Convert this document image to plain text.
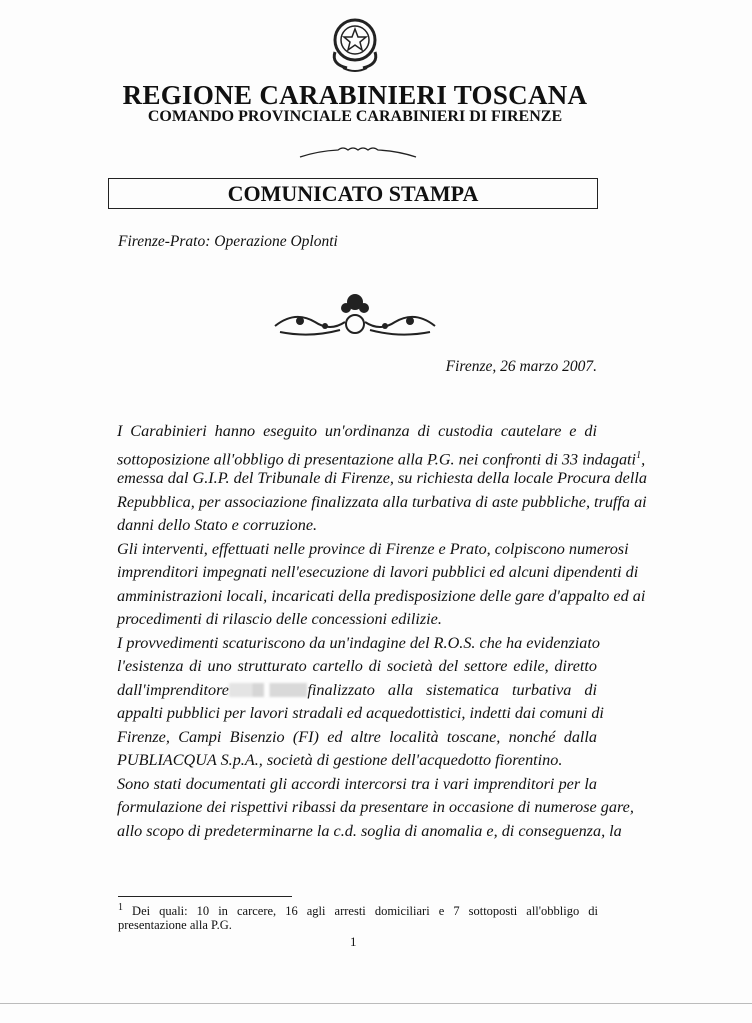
REGIONE CARABINIERI TOSCANA
COMANDO PROVINCIALE CARABINIERI DI FIRENZE
COMUNICATO STAMPA
Firenze-Prato: Operazione Oplonti
Firenze, 26 marzo 2007.
I Carabinieri hanno eseguito un'ordinanza di custodia cautelare e di
sottoposizione all'obbligo di presentazione alla P.G. nei confronti di 33 indagati$^1$,
emessa dal G.I.P. del Tribunale di Firenze, su richiesta della locale Procura della
Repubblica, per associazione finalizzata alla turbativa di aste pubbliche, truffa ai
danni dello Stato e corruzione.
Gli interventi, effettuati nelle province di Firenze e Prato, colpiscono numerosi
imprenditori impegnati nell'esecuzione di lavori pubblici ed alcuni dipendenti di
amministrazioni locali, incaricati della predisposizione delle gare d'appalto ed ai
procedimenti di rilascio delle concessioni edilizie.
I provvedimenti scaturiscono da un'indagine del R.O.S. che ha evidenziato
l'esistenza di uno strutturato cartello di società del settore edile, diretto
dall'imprenditore	finalizzato alla sistematica turbativa di
appalti pubblici per lavori stradali ed acquedottistici, indetti dai comuni di
Firenze, Campi Bisenzio (FI) ed altre località toscane, nonché dalla
PUBLIACQUA S.p.A., società di gestione dell'acquedotto fiorentino.
Sono stati documentati gli accordi intercorsi tra i vari imprenditori per la
formulazione dei rispettivi ribassi da presentare in occasione di numerose gare,
allo scopo di predeterminarne la c.d. soglia di anomalia e, di conseguenza, la
$^1$ Dei quali: 10 in carcere, 16 agli arresti domiciliari e 7 sottoposti all'obbligo di
presentazione alla P.G.
1
